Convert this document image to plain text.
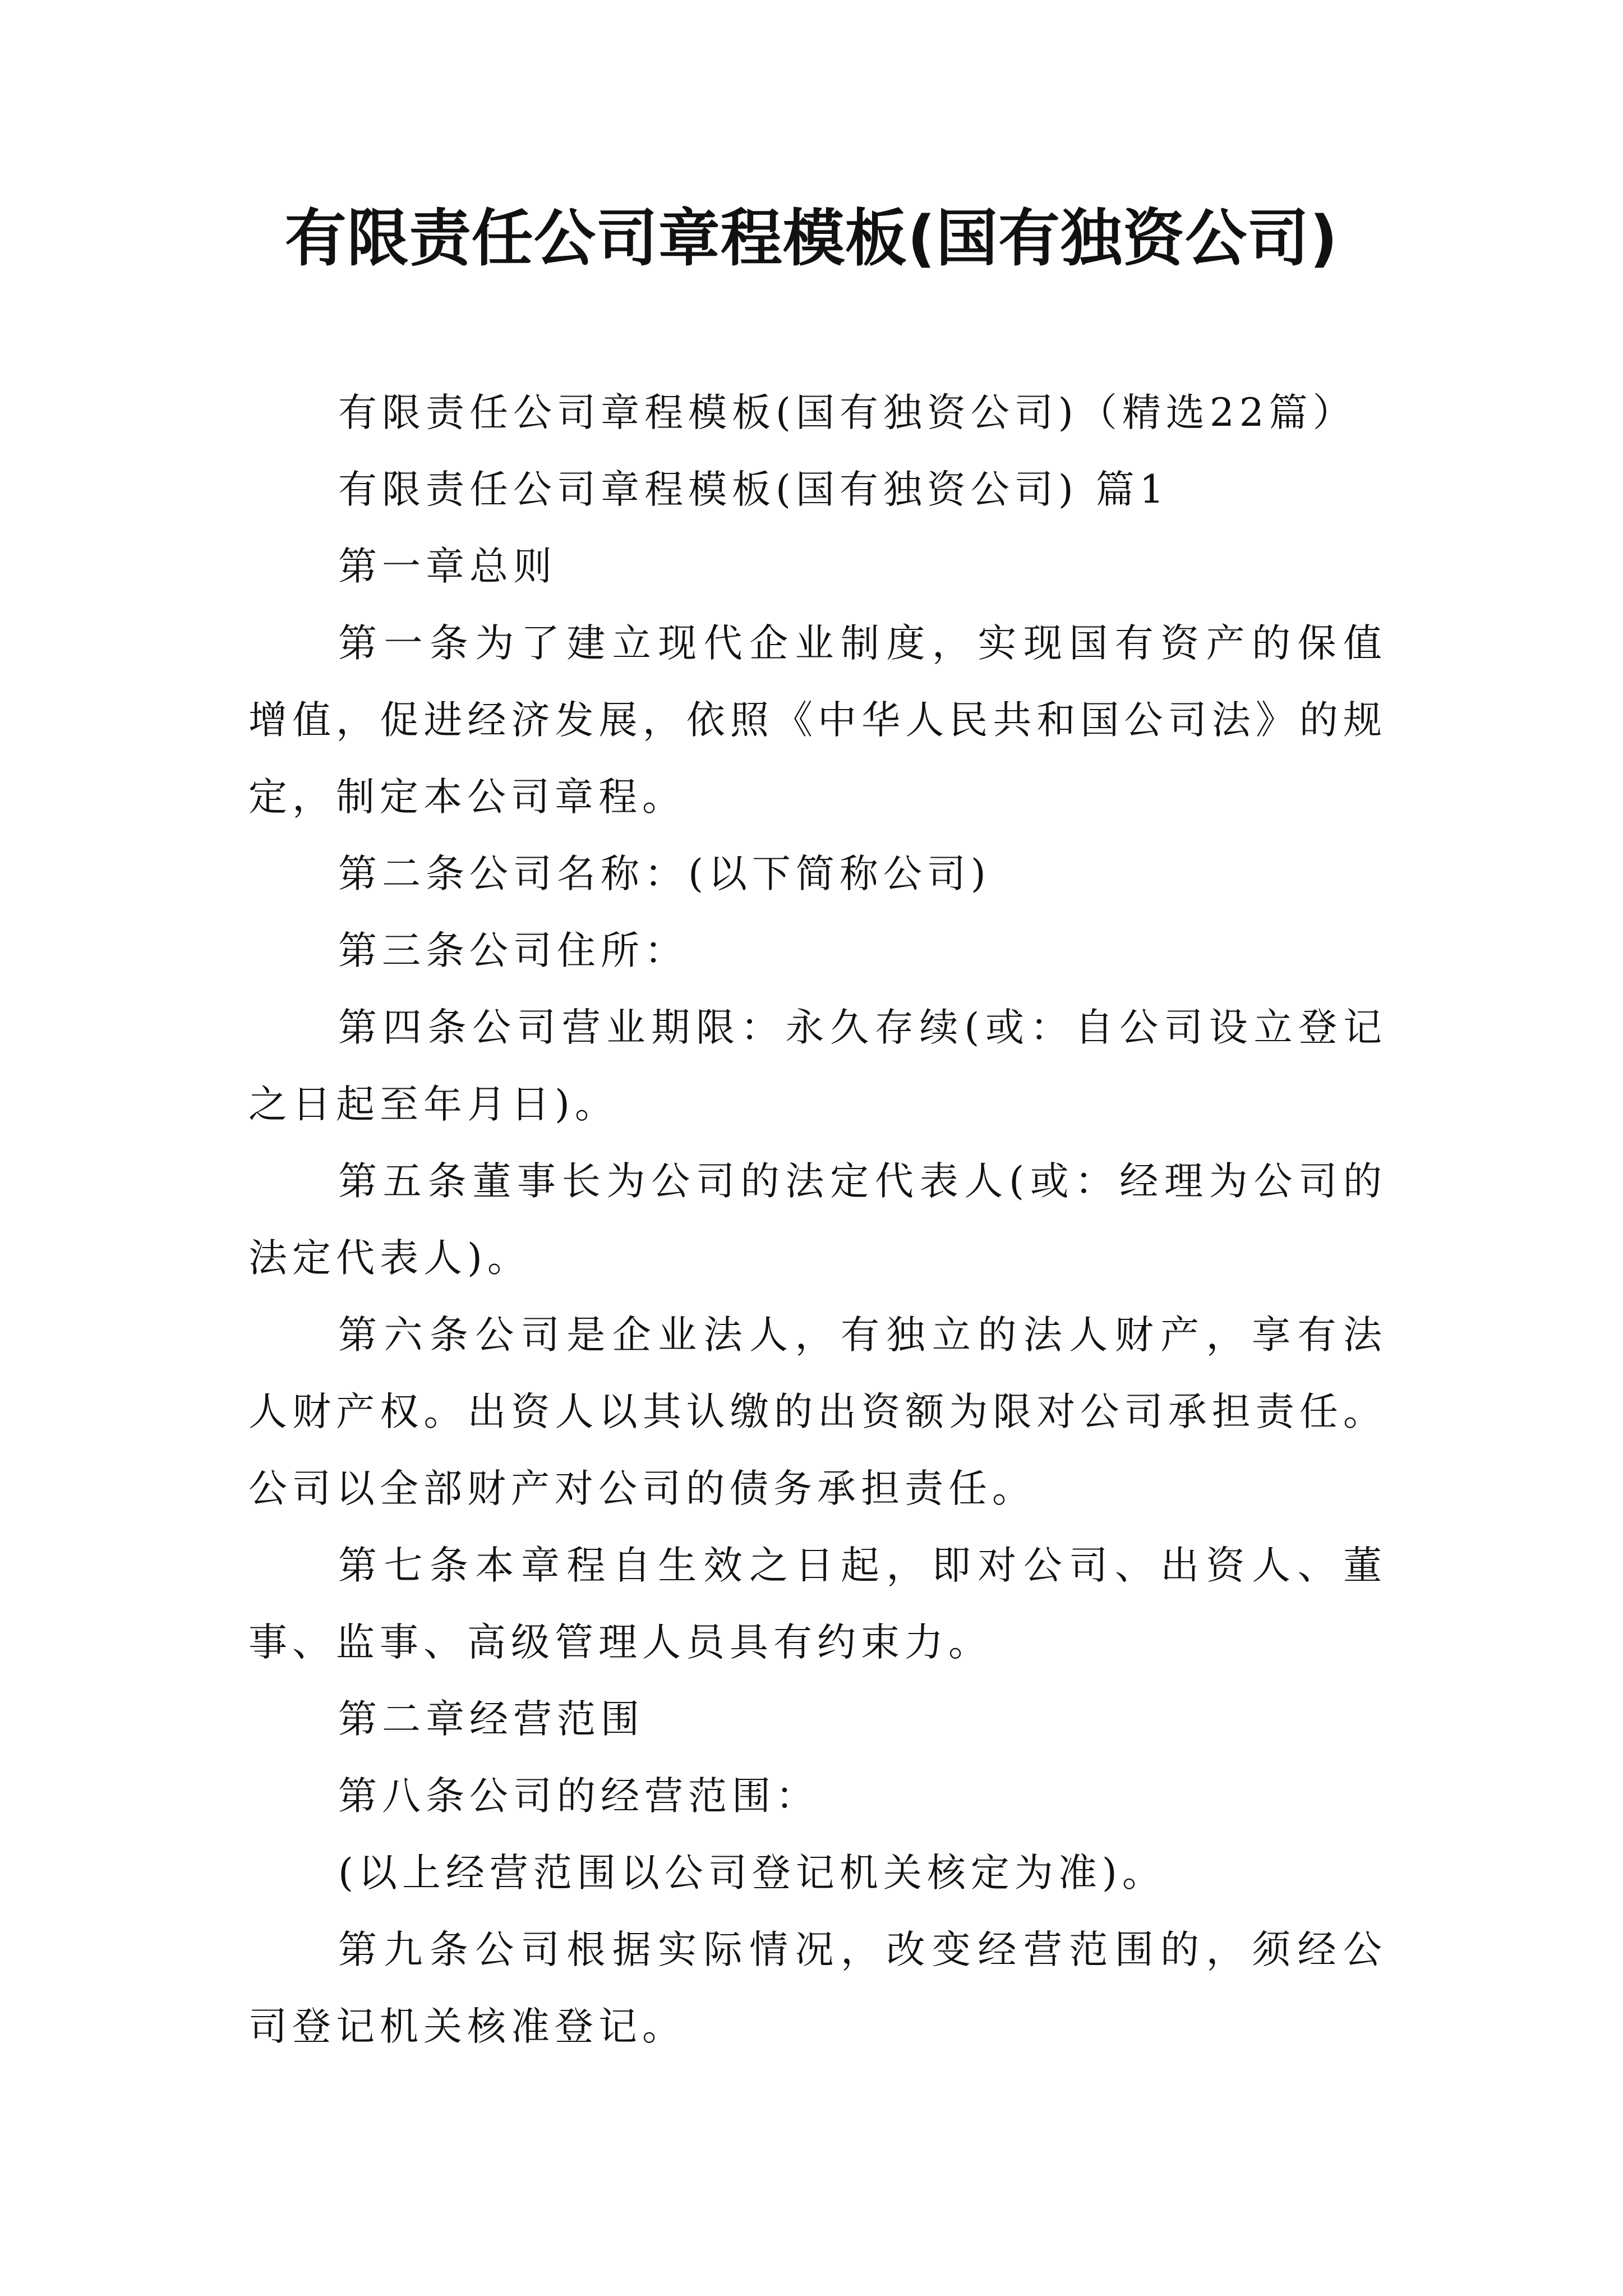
有限责任公司章程模板(国有独资公司)

有限责任公司章程模板(国有独资公司)（精选22篇）

有限责任公司章程模板(国有独资公司) 篇1

第一章总则

第一条为了建立现代企业制度，实现国有资产的保值增值，促进经济发展，依照《中华人民共和国公司法》的规定，制定本公司章程。

第二条公司名称：(以下简称公司)

第三条公司住所：

第四条公司营业期限：永久存续(或：自公司设立登记之日起至年月日)。

第五条董事长为公司的法定代表人(或：经理为公司的法定代表人)。

第六条公司是企业法人，有独立的法人财产，享有法人财产权。出资人以其认缴的出资额为限对公司承担责任。公司以全部财产对公司的债务承担责任。

第七条本章程自生效之日起，即对公司、出资人、董事、监事、高级管理人员具有约束力。

第二章经营范围

第八条公司的经营范围：

(以上经营范围以公司登记机关核定为准)。

第九条公司根据实际情况，改变经营范围的，须经公司登记机关核准登记。
